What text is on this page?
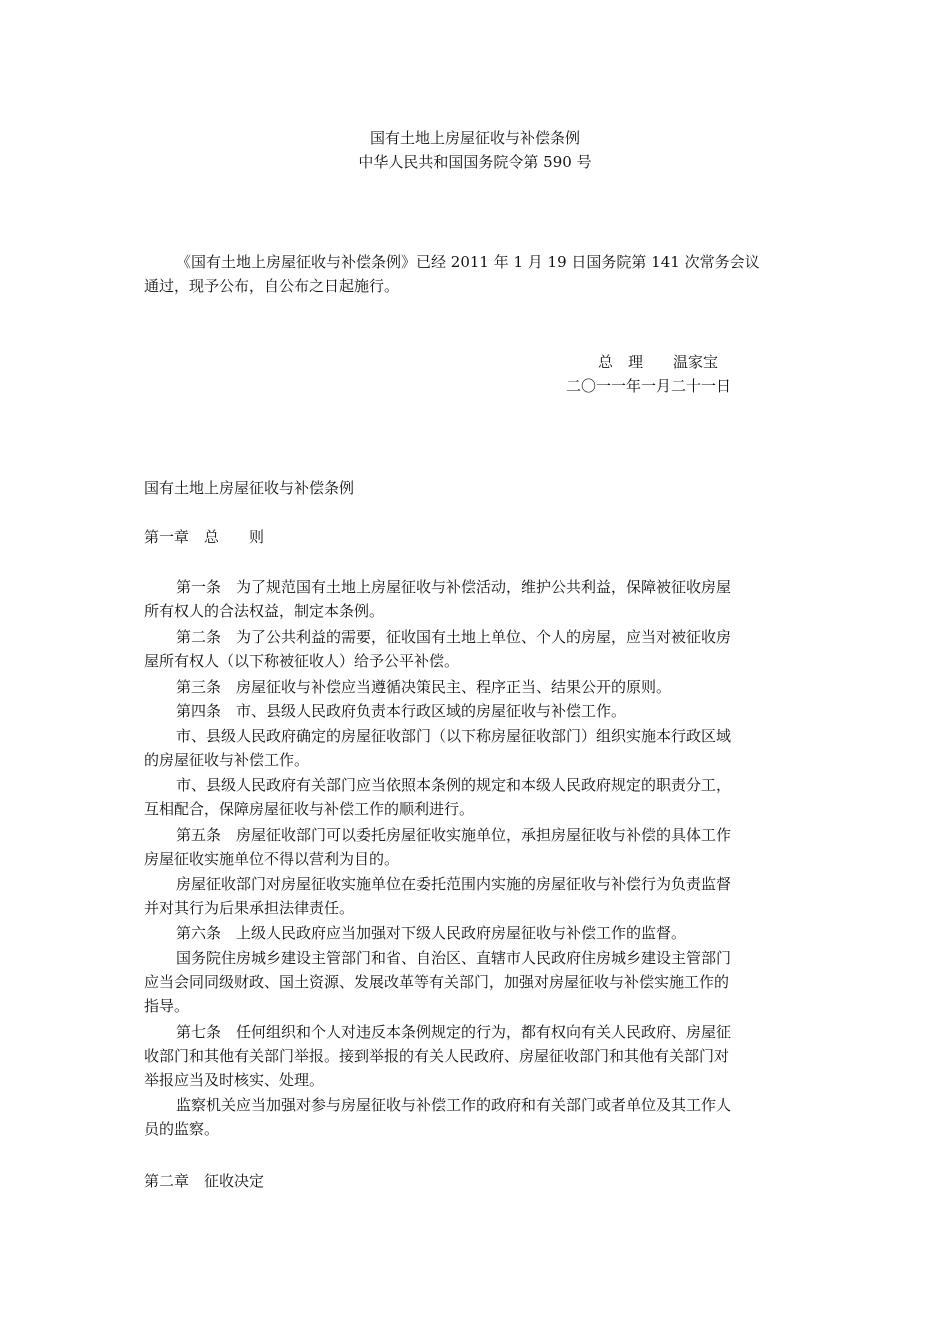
国有土地上房屋征收与补偿条例
中华人民共和国国务院令第 590 号
《国有土地上房屋征收与补偿条例》已经 2011 年 1 月 19 日国务院第 141 次常务会议
通过，现予公布，自公布之日起施行。
总　理　　温家宝
二〇一一年一月二十一日
国有土地上房屋征收与补偿条例
第一章　总　　则
第一条　为了规范国有土地上房屋征收与补偿活动，维护公共利益，保障被征收房屋
所有权人的合法权益，制定本条例。
第二条　为了公共利益的需要，征收国有土地上单位、个人的房屋，应当对被征收房
屋所有权人（以下称被征收人）给予公平补偿。
第三条　房屋征收与补偿应当遵循决策民主、程序正当、结果公开的原则。
第四条　市、县级人民政府负责本行政区域的房屋征收与补偿工作。
市、县级人民政府确定的房屋征收部门（以下称房屋征收部门）组织实施本行政区域
的房屋征收与补偿工作。
市、县级人民政府有关部门应当依照本条例的规定和本级人民政府规定的职责分工，
互相配合，保障房屋征收与补偿工作的顺利进行。
第五条　房屋征收部门可以委托房屋征收实施单位，承担房屋征收与补偿的具体工作
房屋征收实施单位不得以营利为目的。
房屋征收部门对房屋征收实施单位在委托范围内实施的房屋征收与补偿行为负责监督
并对其行为后果承担法律责任。
第六条　上级人民政府应当加强对下级人民政府房屋征收与补偿工作的监督。
国务院住房城乡建设主管部门和省、自治区、直辖市人民政府住房城乡建设主管部门
应当会同同级财政、国土资源、发展改革等有关部门，加强对房屋征收与补偿实施工作的
指导。
第七条　任何组织和个人对违反本条例规定的行为，都有权向有关人民政府、房屋征
收部门和其他有关部门举报。接到举报的有关人民政府、房屋征收部门和其他有关部门对
举报应当及时核实、处理。
监察机关应当加强对参与房屋征收与补偿工作的政府和有关部门或者单位及其工作人
员的监察。
第二章　征收决定
